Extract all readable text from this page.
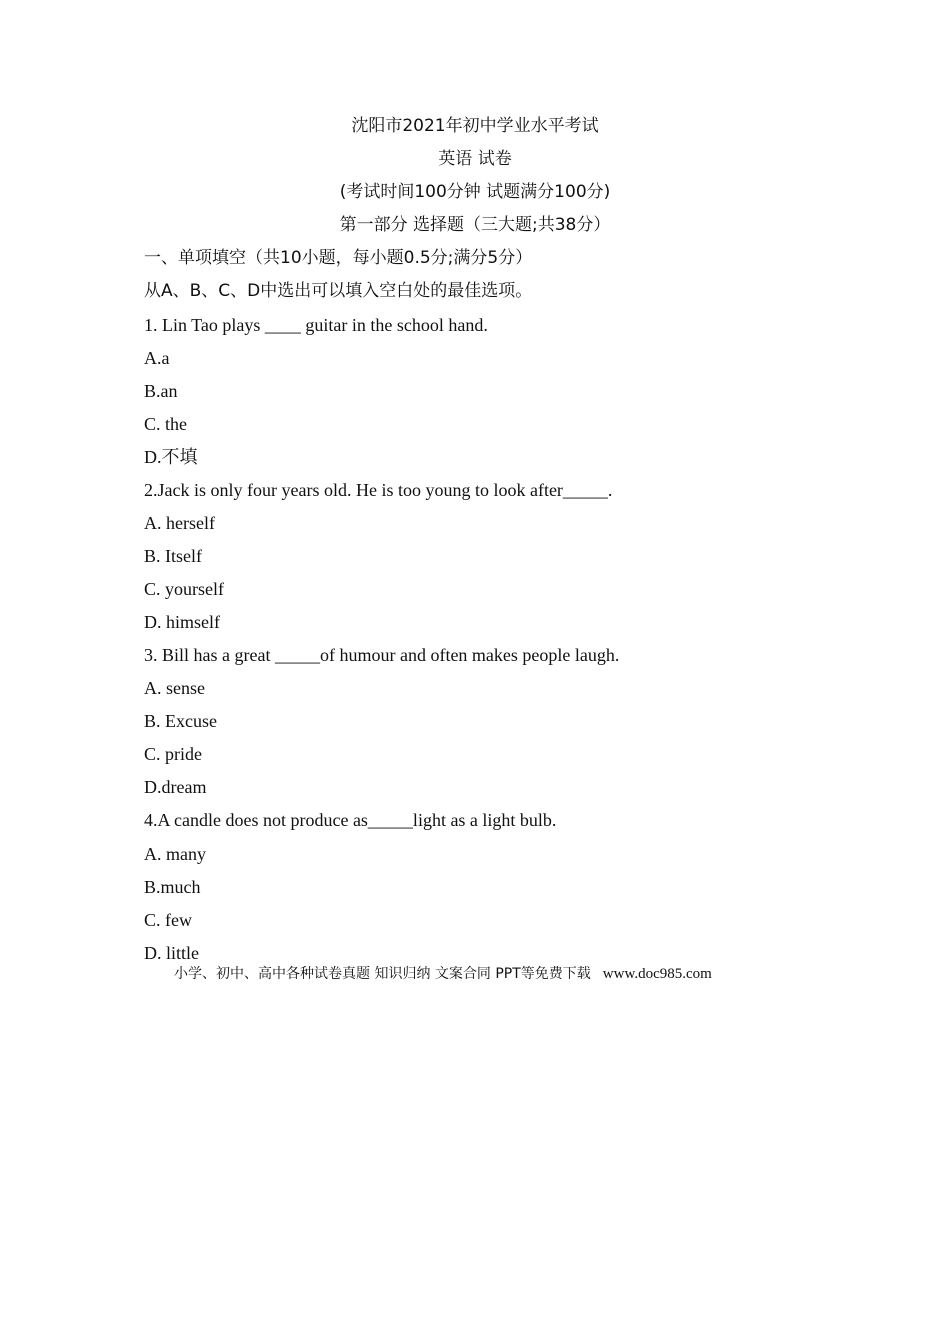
沈阳市2021年初中学业水平考试
英语 试卷
(考试时间100分钟 试题满分100分)
第一部分 选择题（三大题;共38分）
一、单项填空（共10小题，每小题0.5分;满分5分）
从A、B、C、D中选出可以填入空白处的最佳选项。
1. Lin Tao plays ____ guitar in the school hand.
A.a
B.an
C. the
D.不填
2.Jack is only four years old. He is too young to look after_____.
A. herself
B. Itself
C. yourself
D. himself
3. Bill has a great _____of humour and often makes people laugh.
A. sense
B. Excuse
C. pride
D.dream
4.A candle does not produce as_____light as a light bulb.
A. many
B.much
C. few
D. little
小学、初中、高中各种试卷真题 知识归纳 文案合同 PPT等免费下载 www.doc985.com
